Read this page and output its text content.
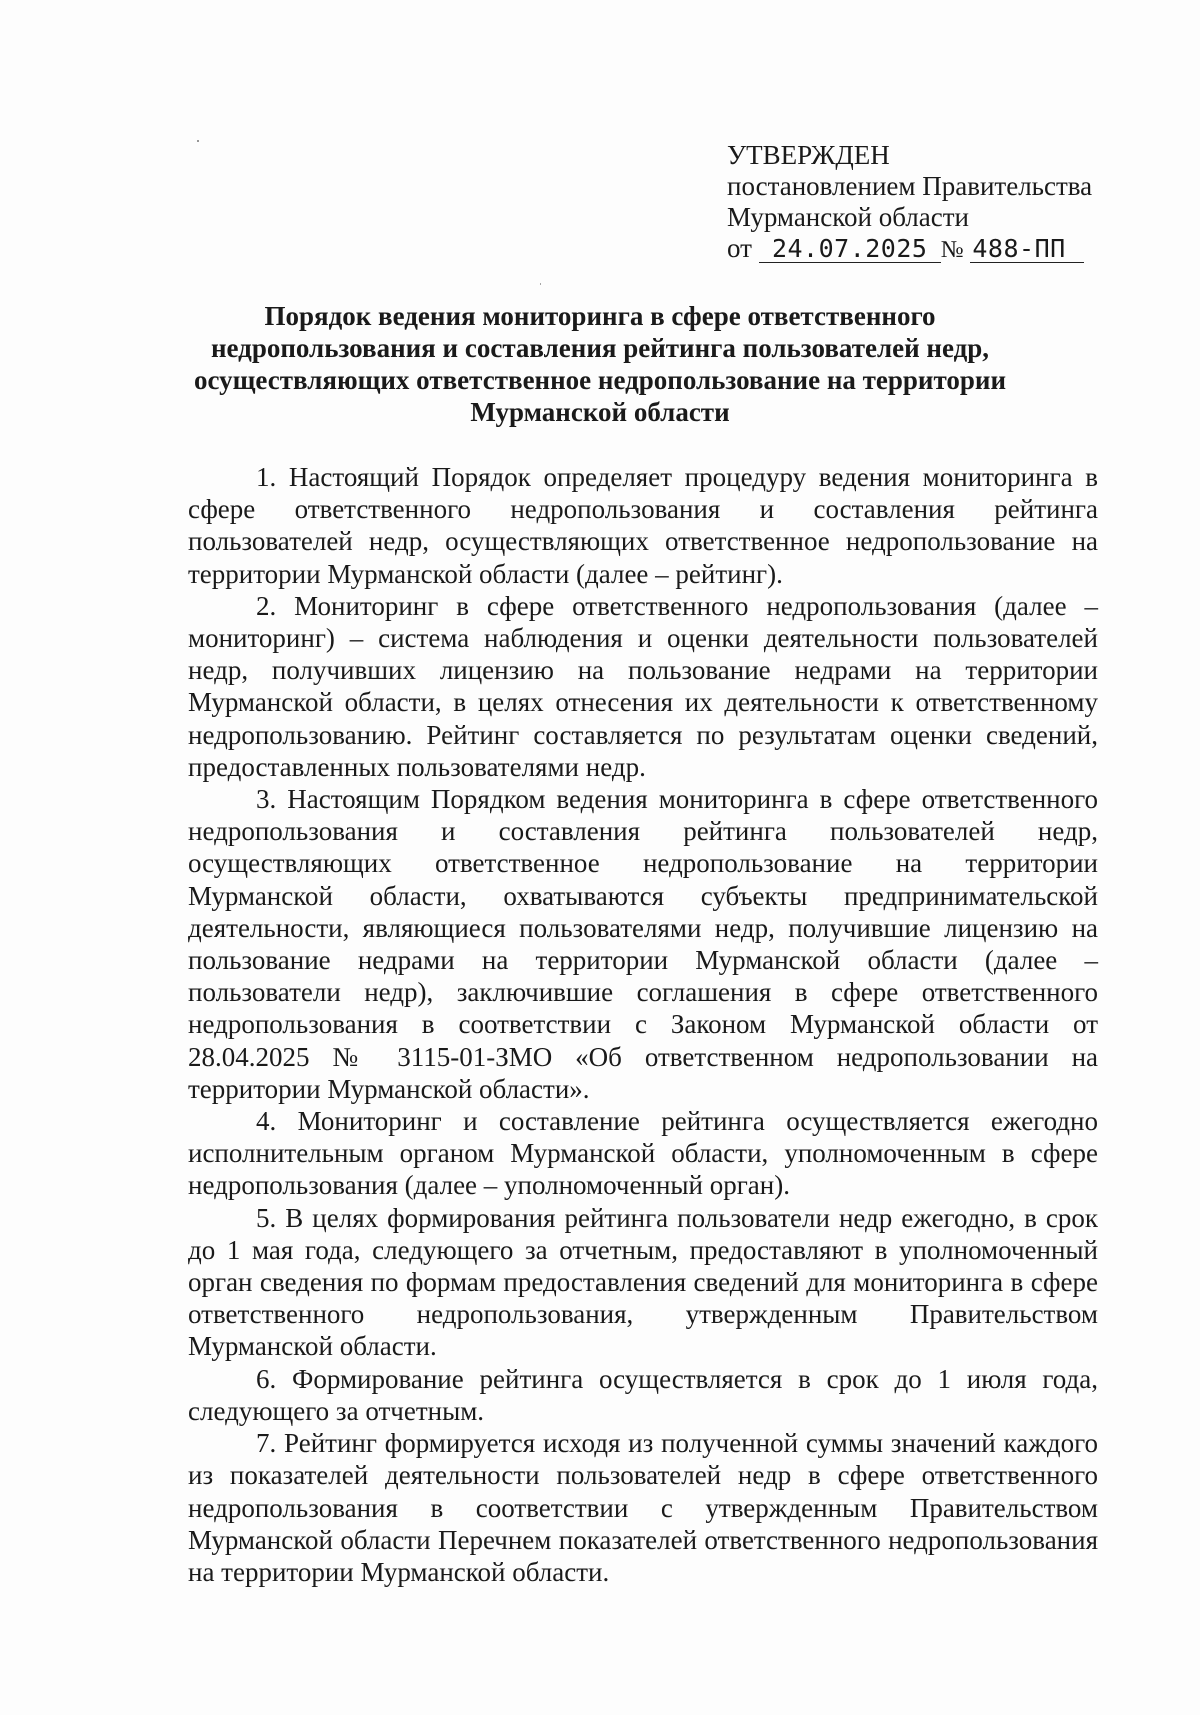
УТВЕРЖДЕН
постановлением Правительства
Мурманской области
от 24.07.2025 № 488-ПП
Порядок ведения мониторинга в сфере ответственного
недропользования и составления рейтинга пользователей недр,
осуществляющих ответственное недропользование на территории
Мурманской области

1. Настоящий Порядок определяет процедуру ведения мониторинга в сфере ответственного недропользования и составления рейтинга пользователей недр, осуществляющих ответственное недропользование на территории Мурманской области (далее – рейтинг).

2. Мониторинг в сфере ответственного недропользования (далее – мониторинг) – система наблюдения и оценки деятельности пользователей недр, получивших лицензию на пользование недрами на территории Мурманской области, в целях отнесения их деятельности к ответственному недропользованию. Рейтинг составляется по результатам оценки сведений, предоставленных пользователями недр.

3. Настоящим Порядком ведения мониторинга в сфере ответственного недропользования и составления рейтинга пользователей недр, осуществляющих ответственное недропользование на территории Мурманской области, охватываются субъекты предпринимательской деятельности, являющиеся пользователями недр, получившие лицензию на пользование недрами на территории Мурманской области (далее – пользователи недр), заключившие соглашения в сфере ответственного недропользования в соответствии с Законом Мурманской области от 28.04.2025 № 3115-01-ЗМО «Об ответственном недропользовании на территории Мурманской области».

4. Мониторинг и составление рейтинга осуществляется ежегодно исполнительным органом Мурманской области, уполномоченным в сфере недропользования (далее – уполномоченный орган).

5. В целях формирования рейтинга пользователи недр ежегодно, в срок до 1 мая года, следующего за отчетным, предоставляют в уполномоченный орган сведения по формам предоставления сведений для мониторинга в сфере ответственного недропользования, утвержденным Правительством Мурманской области.

6. Формирование рейтинга осуществляется в срок до 1 июля года, следующего за отчетным.

7. Рейтинг формируется исходя из полученной суммы значений каждого из показателей деятельности пользователей недр в сфере ответственного недропользования в соответствии с утвержденным Правительством Мурманской области Перечнем показателей ответственного недропользования на территории Мурманской области.
